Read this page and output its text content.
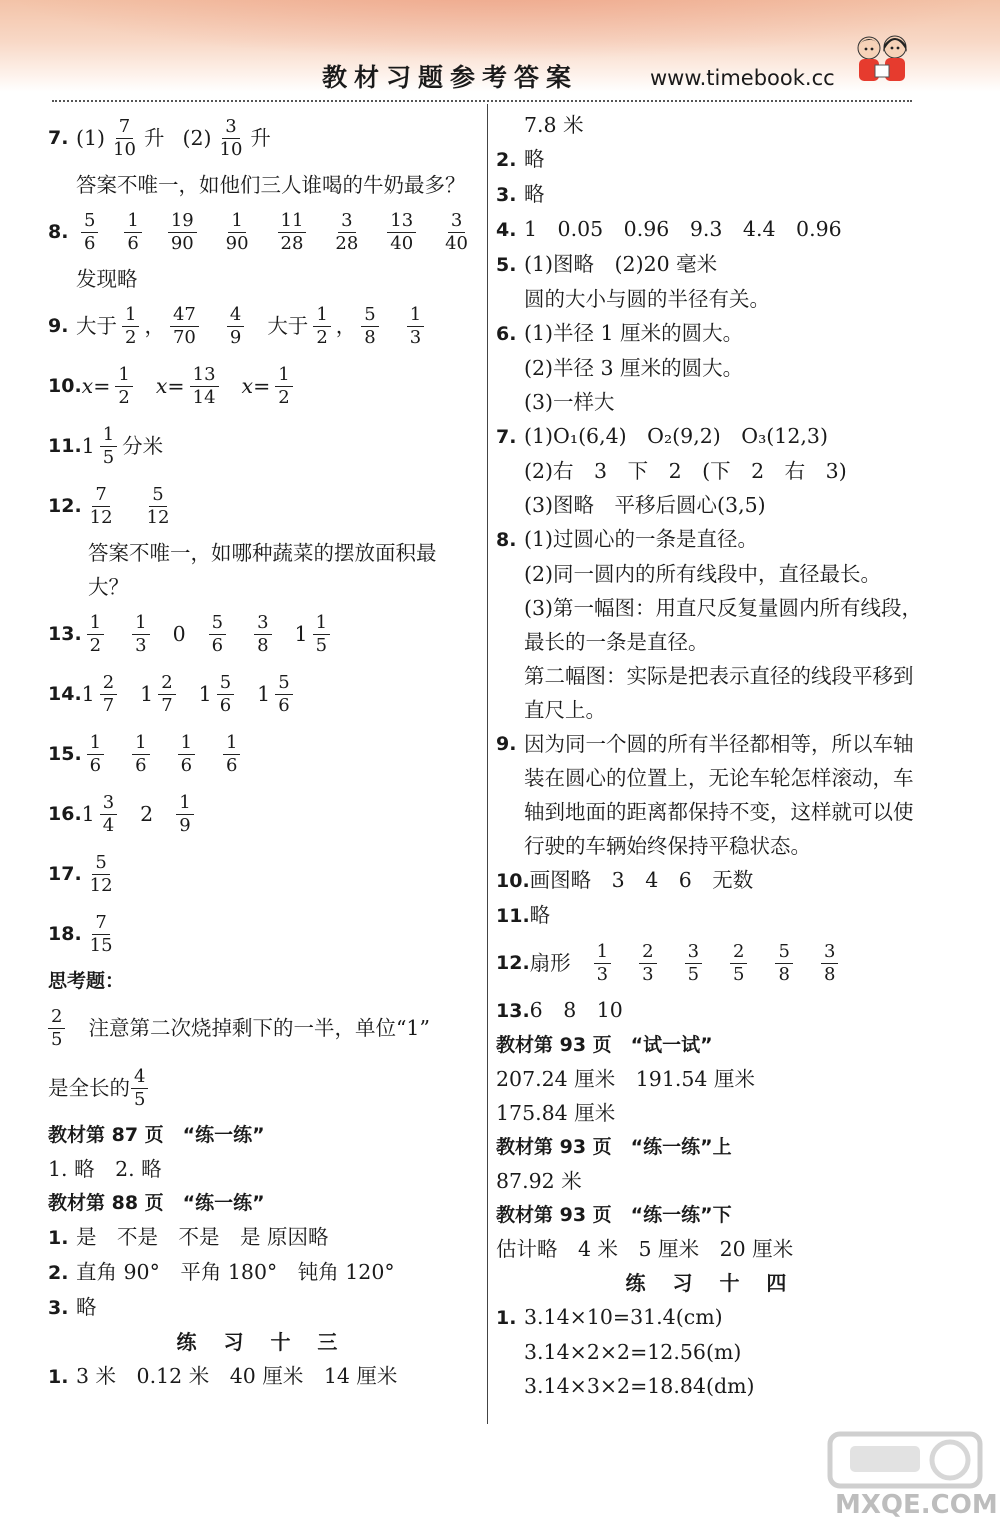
教材习题参考答案	www.timebook.cc
7. $(1) \frac{7}{10}$ 升 $(2) \frac{3}{10}$ 升
答案不唯一，如他们三人谁喝的牛奶最多？
8. $\frac{5}{6} \frac{1}{6} \frac{19}{90} \frac{1}{90} \frac{11}{28} \frac{3}{28} \frac{13}{40} \frac{3}{40}$
发现略
9. 大于 $\frac{1}{2}$ ， $\frac{47}{70} \frac{4}{9}$ 大于 $\frac{1}{2}$ ， $\frac{5}{8} \frac{1}{3}$
10. $x= \frac{1}{2} x= \frac{13}{14} x= \frac{1}{2}$
11. $1 \frac{1}{5}$ 分米
12. $\frac{7}{12} \frac{5}{12}$
答案不唯一，如哪种蔬菜的摆放面积最大？
13. $\frac{1}{2} \frac{1}{3} 0 \frac{5}{6} \frac{3}{8} 1 \frac{1}{5}$
14. $1 \frac{2}{7} 1 \frac{2}{7} 1 \frac{5}{6} 1 \frac{5}{6}$
15. $\frac{1}{6} \frac{1}{6} \frac{1}{6} \frac{1}{6}$
16. $1 \frac{3}{4} 2 \frac{1}{9}$
17. $\frac{5}{12}$
18. $\frac{7}{15}$
思考题：
$\frac{2}{5}$ 注意第二次烧掉剩下的一半，单位“1”
是全长的 $\frac{4}{5}$
教材第 87 页　“练一练”
1. 略　2. 略
教材第 88 页　“练一练”
1. 是　不是　不是　是 原因略
2. 直角 90°　平角 180°　钝角 120°
3. 略
练 习 十 三
1. 3 米　0.12 米　40 厘米　14 厘米
7.8 米
2. 略
3. 略
4. 1　0.05　0.96　9.3　4.4　0.96
5. (1)图略　(2)20 毫米
圆的大小与圆的半径有关。
6. (1)半径 1 厘米的圆大。
(2)半径 3 厘米的圆大。
(3)一样大
7. (1)O₁(6,4)　O₂(9,2)　O₃(12,3)
(2)右　3　下　2　(下　2　右　3)
(3)图略　平移后圆心(3,5)
8. (1)过圆心的一条是直径。
(2)同一圆内的所有线段中，直径最长。
(3)第一幅图：用直尺反复量圆内所有线段，最长的一条是直径。
第二幅图：实际是把表示直径的线段平移到直尺上。
9. 因为同一个圆的所有半径都相等，所以车轴装在圆心的位置上，无论车轮怎样滚动，车轴到地面的距离都保持不变，这样就可以使行驶的车辆始终保持平稳状态。
10.画图略　3　4　6　无数
11.略
12. 扇形 $\frac{1}{3} \frac{2}{3} \frac{3}{5} \frac{2}{5} \frac{5}{8} \frac{3}{8}$
13.6　8　10
教材第 93 页　“试一试”
207.24 厘米　191.54 厘米
175.84 厘米
教材第 93 页　“练一练”上
87.92 米
教材第 93 页　“练一练”下
估计略　4 米　5 厘米　20 厘米
练 习 十 四
1. 3.14×10=31.4(cm)
3.14×2×2=12.56(m)
3.14×3×2=18.84(dm)
MXQE.COM
